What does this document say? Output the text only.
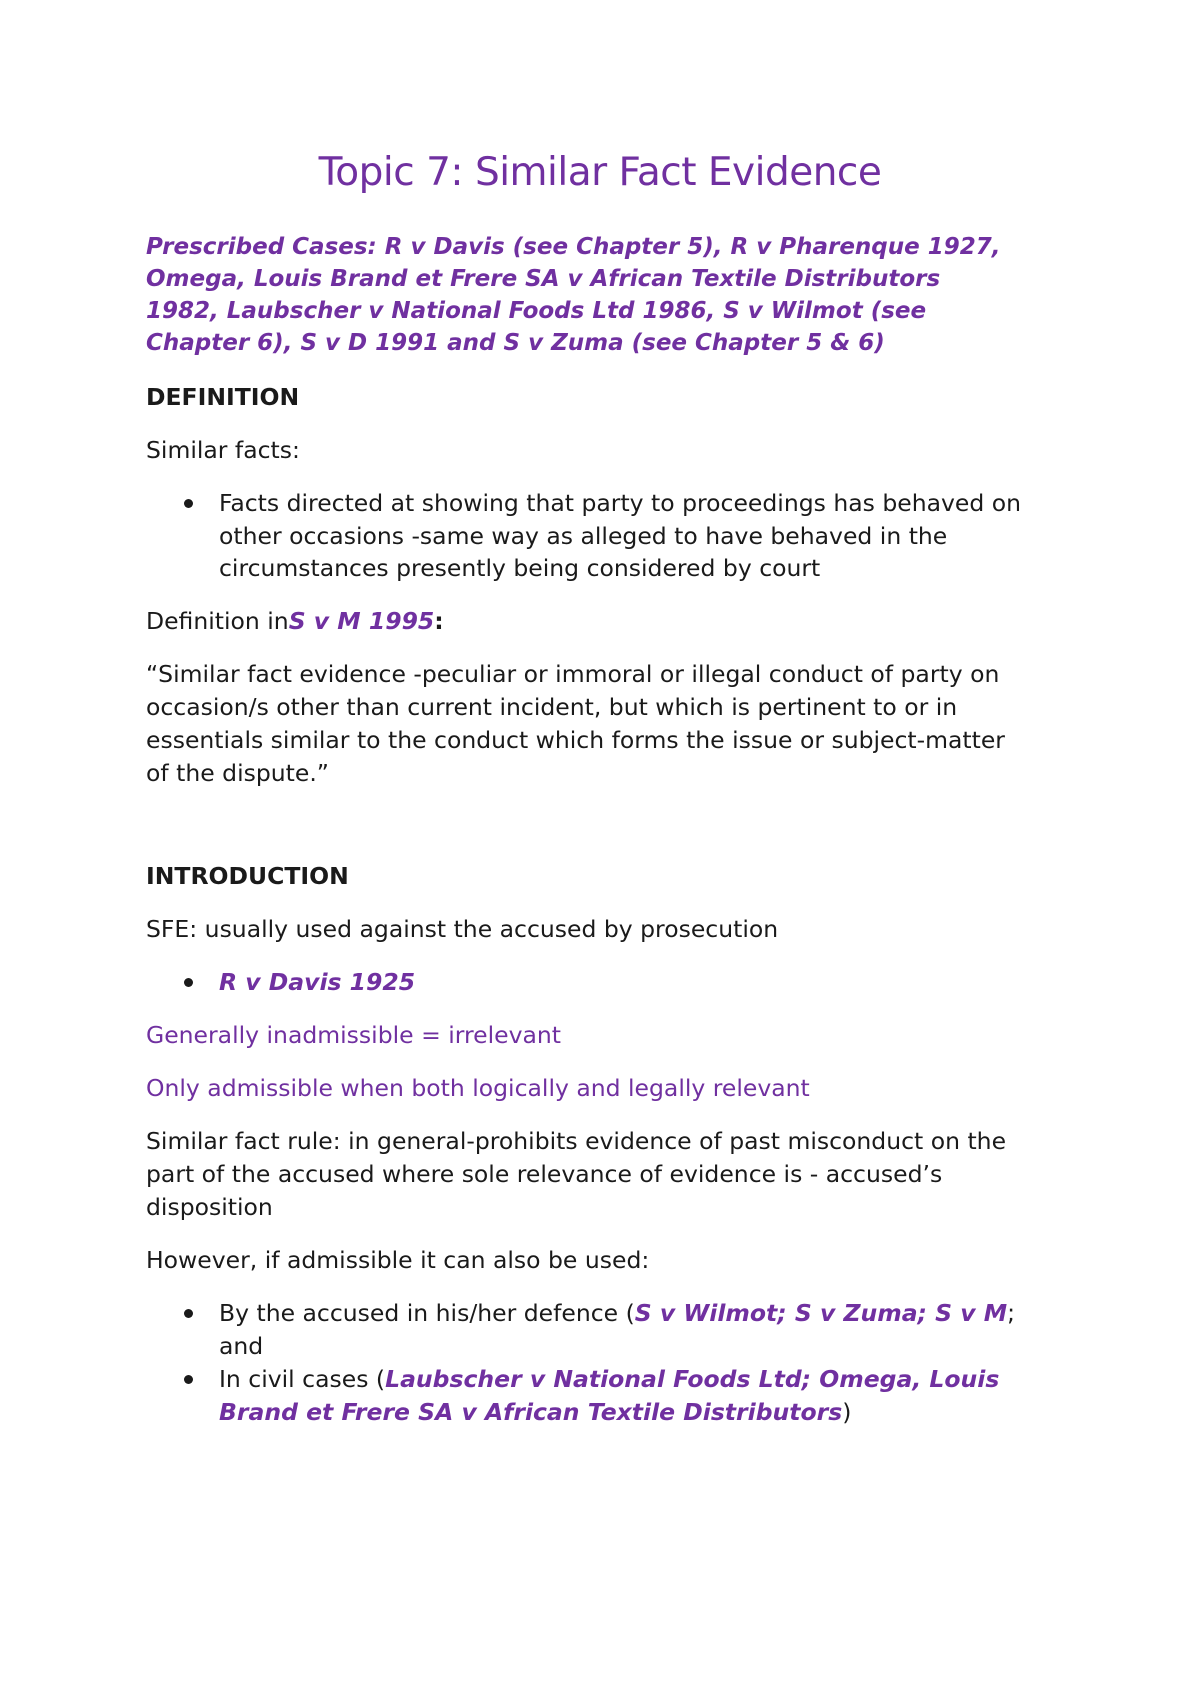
Topic 7: Similar Fact Evidence
Prescribed Cases: R v Davis (see Chapter 5), R v Pharenque 1927,
Omega, Louis Brand et Frere SA v African Textile Distributors
1982, Laubscher v National Foods Ltd 1986, S v Wilmot (see
Chapter 6), S v D 1991 and S v Zuma (see Chapter 5 & 6)
DEFINITION
Similar facts:
Facts directed at showing that party to proceedings has behaved on
other occasions -same way as alleged to have behaved in the
circumstances presently being considered by court
Definition inS v M 1995:
“Similar fact evidence -peculiar or immoral or illegal conduct of party on
occasion/s other than current incident, but which is pertinent to or in
essentials similar to the conduct which forms the issue or subject-matter
of the dispute.”
INTRODUCTION
SFE: usually used against the accused by prosecution
R v Davis 1925
Generally inadmissible = irrelevant
Only admissible when both logically and legally relevant
Similar fact rule: in general-prohibits evidence of past misconduct on the
part of the accused where sole relevance of evidence is - accused’s
disposition
However, if admissible it can also be used:
By the accused in his/her defence (S v Wilmot; S v Zuma; S v M;
and
In civil cases (Laubscher v National Foods Ltd; Omega, Louis
Brand et Frere SA v African Textile Distributors)
